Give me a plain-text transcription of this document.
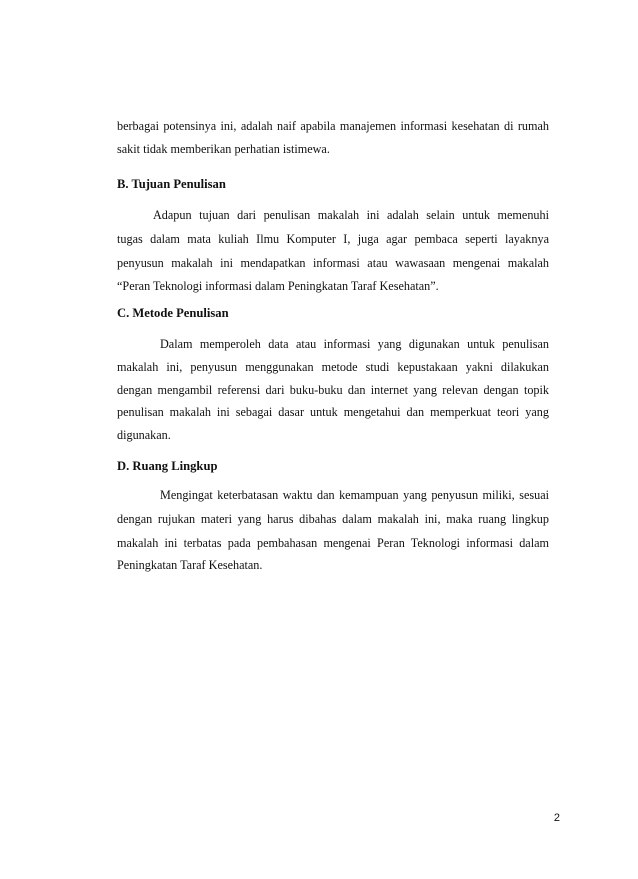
berbagai potensinya ini, adalah naif apabila manajemen informasi kesehatan di rumah
sakit tidak memberikan perhatian istimewa.
B. Tujuan Penulisan
Adapun tujuan dari penulisan makalah ini adalah selain untuk memenuhi
tugas dalam mata kuliah Ilmu Komputer I, juga agar pembaca seperti layaknya
penyusun makalah ini mendapatkan informasi atau wawasaan mengenai makalah
“Peran Teknologi informasi dalam Peningkatan Taraf Kesehatan”.
C. Metode Penulisan
Dalam memperoleh data atau informasi yang digunakan untuk penulisan
makalah ini, penyusun menggunakan metode studi kepustakaan yakni dilakukan
dengan mengambil referensi dari buku-buku dan internet yang relevan dengan topik
penulisan makalah ini sebagai dasar untuk mengetahui dan memperkuat teori yang
digunakan.
D. Ruang Lingkup
Mengingat keterbatasan waktu dan kemampuan yang penyusun miliki, sesuai
dengan rujukan materi yang harus dibahas dalam makalah ini, maka ruang lingkup
makalah ini terbatas pada pembahasan mengenai Peran Teknologi informasi dalam
Peningkatan Taraf Kesehatan.
2
